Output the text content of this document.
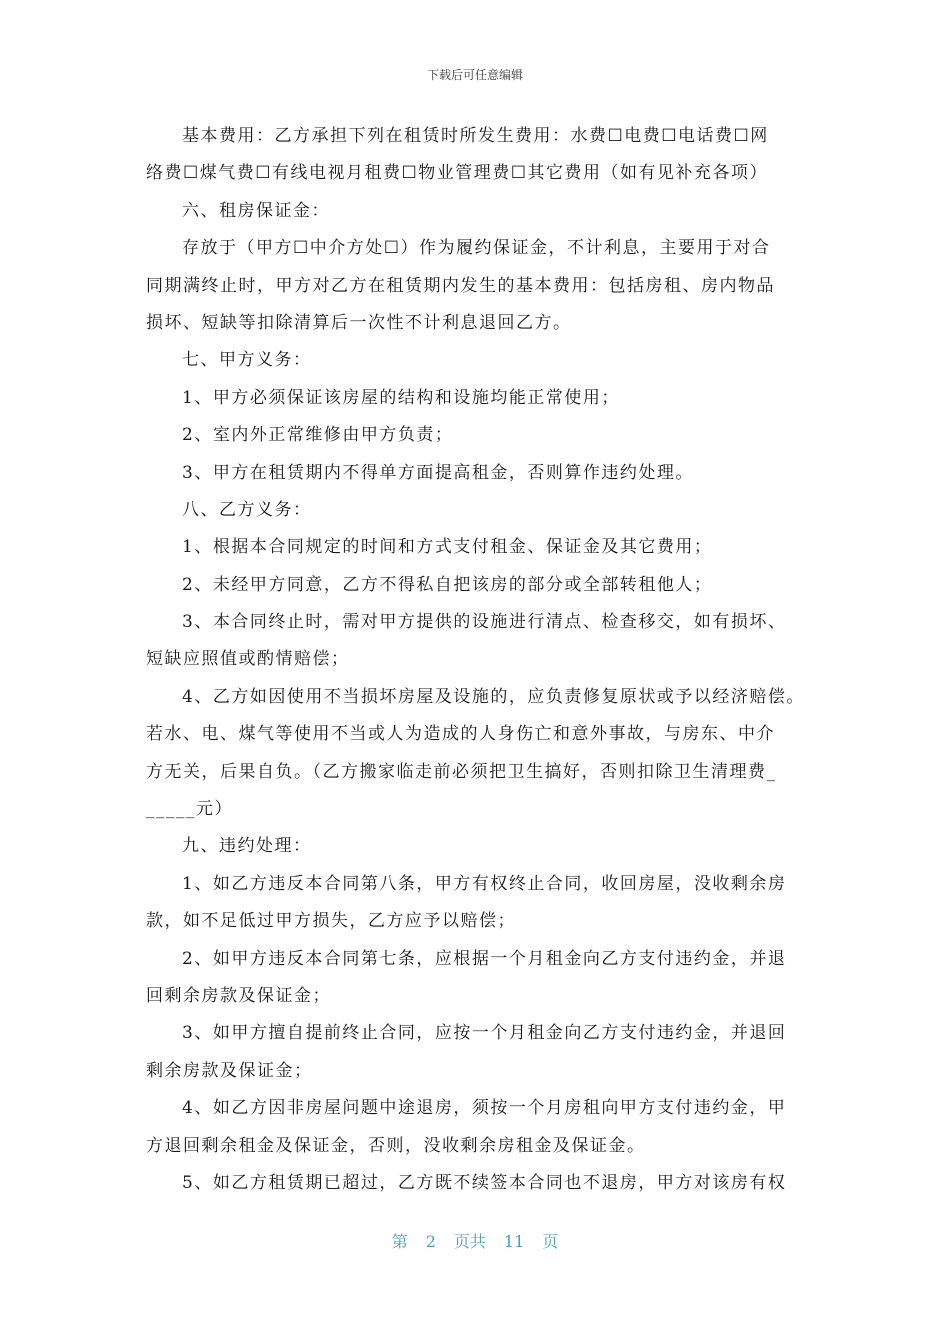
下载后可任意编辑
基本费用：乙方承担下列在租赁时所发生费用：水费☐电费☐电话费☐网
络费☐煤气费☐有线电视月租费☐物业管理费☐其它费用（如有见补充各项）
六、租房保证金：
存放于（甲方☐中介方处☐）作为履约保证金，不计利息，主要用于对合
同期满终止时，甲方对乙方在租赁期内发生的基本费用：包括房租、房内物品
损坏、短缺等扣除清算后一次性不计利息退回乙方。
七、甲方义务：
1、甲方必须保证该房屋的结构和设施均能正常使用；
2、室内外正常维修由甲方负责；
3、甲方在租赁期内不得单方面提高租金，否则算作违约处理。
八、乙方义务：
1、根据本合同规定的时间和方式支付租金、保证金及其它费用；
2、未经甲方同意，乙方不得私自把该房的部分或全部转租他人；
3、本合同终止时，需对甲方提供的设施进行清点、检查移交，如有损坏、
短缺应照值或酌情赔偿；
4、乙方如因使用不当损坏房屋及设施的，应负责修复原状或予以经济赔偿。
若水、电、煤气等使用不当或人为造成的人身伤亡和意外事故，与房东、中介
方无关，后果自负。（乙方搬家临走前必须把卫生搞好，否则扣除卫生清理费_
_____元）
九、违约处理：
1、如乙方违反本合同第八条，甲方有权终止合同，收回房屋，没收剩余房
款，如不足低过甲方损失，乙方应予以赔偿；
2、如甲方违反本合同第七条，应根据一个月租金向乙方支付违约金，并退
回剩余房款及保证金；
3、如甲方擅自提前终止合同，应按一个月租金向乙方支付违约金，并退回
剩余房款及保证金；
4、如乙方因非房屋问题中途退房，须按一个月房租向甲方支付违约金，甲
方退回剩余租金及保证金，否则，没收剩余房租金及保证金。
5、如乙方租赁期已超过，乙方既不续签本合同也不退房，甲方对该房有权
第 2 页共 11 页
